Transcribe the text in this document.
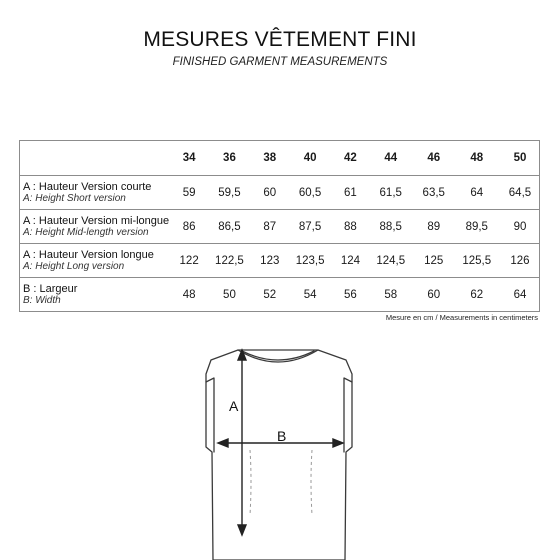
MESURES VÊTEMENT FINI
FINISHED GARMENT MEASUREMENTS
	34	36	38	40	42	44	46	48	50

A : Hauteur Version courte
A: Height Short version	59	59,5	60	60,5	61	61,5	63,5	64	64,5

A : Hauteur Version mi-longue
A: Height Mid-length version	86	86,5	87	87,5	88	88,5	89	89,5	90

A : Hauteur Version longue
A: Height Long version	122	122,5	123	123,5	124	124,5	125	125,5	126

B : Largeur
B: Width	48	50	52	54	56	58	60	62	64
Mesure en cm / Measurements in centimeters
A
B
